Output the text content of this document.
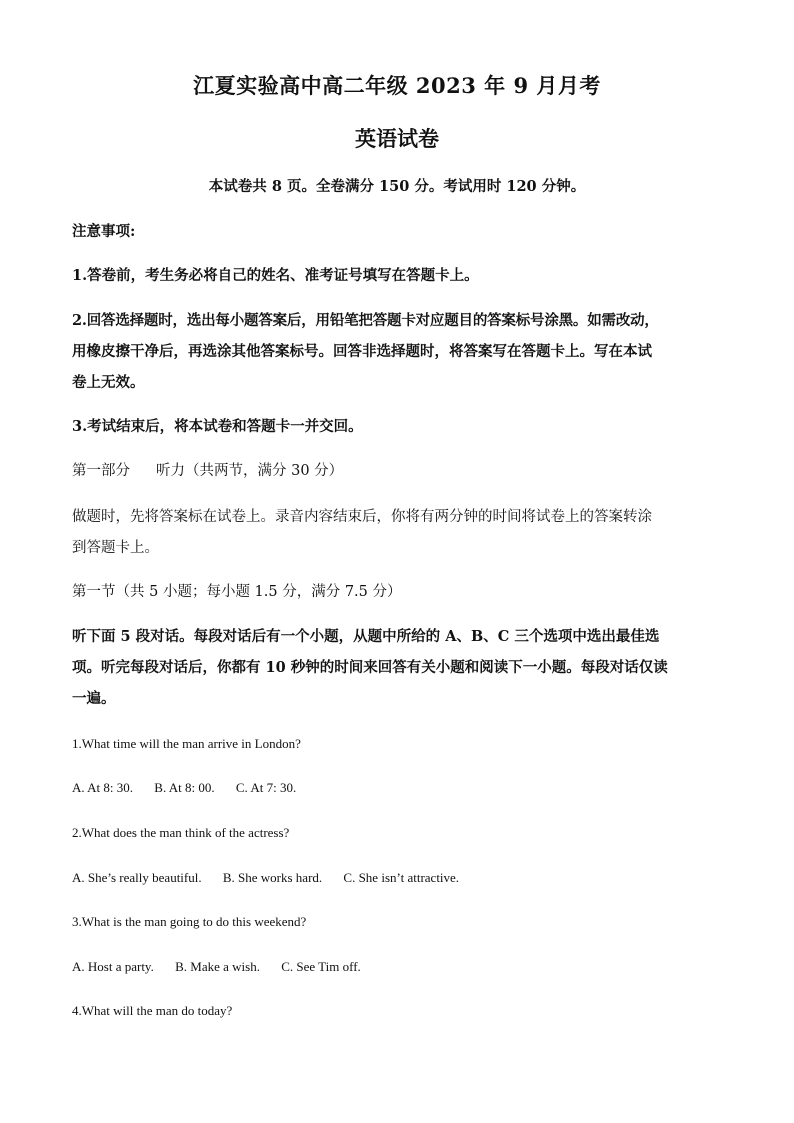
江夏实验高中高二年级 2023 年 9 月月考
英语试卷
本试卷共 8 页。全卷满分 150 分。考试用时 120 分钟。
注意事项:
1.答卷前，考生务必将自己的姓名、准考证号填写在答题卡上。
2.回答选择题时，选出每小题答案后，用铅笔把答题卡对应题目的答案标号涂黑。如需改动，
用橡皮擦干净后，再选涂其他答案标号。回答非选择题时，将答案写在答题卡上。写在本试
卷上无效。
3.考试结束后，将本试卷和答题卡一并交回。
第一部分 听力（共两节，满分 30 分）
做题时，先将答案标在试卷上。录音内容结束后，你将有两分钟的时间将试卷上的答案转涂
到答题卡上。
第一节（共 5 小题；每小题 1.5 分，满分 7.5 分）
听下面 5 段对话。每段对话后有一个小题，从题中所给的 A、B、C 三个选项中选出最佳选
项。听完每段对话后，你都有 10 秒钟的时间来回答有关小题和阅读下一小题。每段对话仅读
一遍。
1.What time will the man arrive in London?
A. At 8: 30. B. At 8: 00. C. At 7: 30.
2.What does the man think of the actress?
A. She’s really beautiful. B. She works hard. C. She isn’t attractive.
3.What is the man going to do this weekend?
A. Host a party. B. Make a wish. C. See Tim off.
4.What will the man do today?
